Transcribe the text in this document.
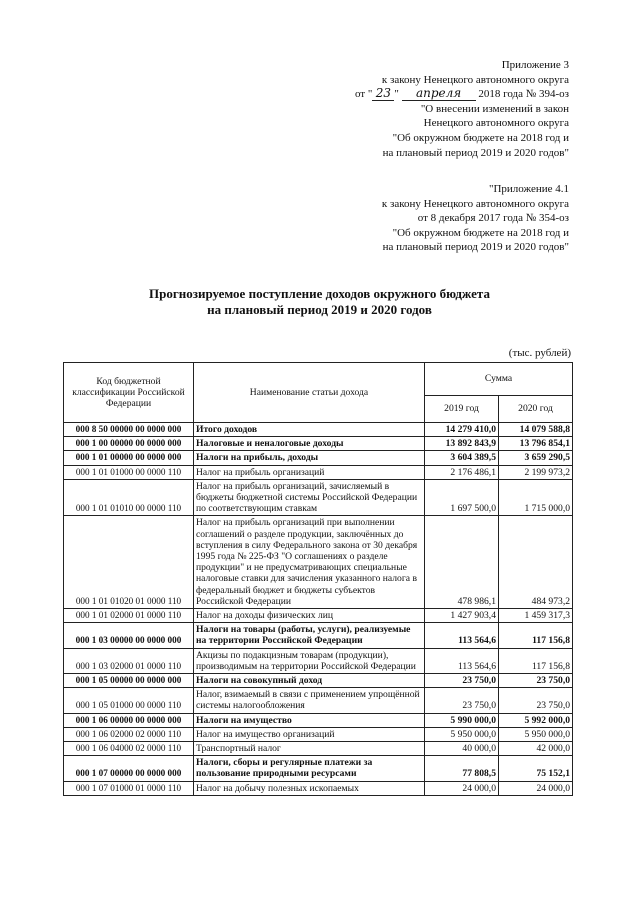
Приложение 3
к закону Ненецкого автономного округа
от " 23 " апреля 2018 года № 394-оз
"О внесении изменений в закон
Ненецкого автономного округа
"Об окружном бюджете на 2018 год и
на плановый период 2019 и 2020 годов"
"Приложение 4.1
к закону Ненецкого автономного округа
от 8 декабря 2017 года № 354-оз
"Об окружном бюджете на 2018 год и
на плановый период 2019 и 2020 годов"
Прогнозируемое поступление доходов окружного бюджета
на плановый период 2019 и 2020 годов
(тыс. рублей)
Код бюджетной классификации Российской Федерации	Наименование статьи дохода	Сумма	
		2019 год	2020 год
000 8 50 00000 00 0000 000	Итого доходов	14 279 410,0	14 079 588,8
000 1 00 00000 00 0000 000	Налоговые и неналоговые доходы	13 892 843,9	13 796 854,1
000 1 01 00000 00 0000 000	Налоги на прибыль, доходы	3 604 389,5	3 659 290,5
000 1 01 01000 00 0000 110	Налог на прибыль организаций	2 176 486,1	2 199 973,2
000 1 01 01010 00 0000 110	Налог на прибыль организаций, зачисляемый в бюджеты бюджетной системы Российской Федерации по соответствующим ставкам	1 697 500,0	1 715 000,0
000 1 01 01020 01 0000 110	Налог на прибыль организаций при выполнении соглашений о разделе продукции, заключённых до вступления в силу Федерального закона от 30 декабря 1995 года № 225-ФЗ "О соглашениях о разделе продукции" и не предусматривающих специальные налоговые ставки для зачисления указанного налога в федеральный бюджет и бюджеты субъектов Российской Федерации	478 986,1	484 973,2
000 1 01 02000 01 0000 110	Налог на доходы физических лиц	1 427 903,4	1 459 317,3
000 1 03 00000 00 0000 000	Налоги на товары (работы, услуги), реализуемые на территории Российской Федерации	113 564,6	117 156,8
000 1 03 02000 01 0000 110	Акцизы по подакцизным товарам (продукции), производимым на территории Российской Федерации	113 564,6	117 156,8
000 1 05 00000 00 0000 000	Налоги на совокупный доход	23 750,0	23 750,0
000 1 05 01000 00 0000 110	Налог, взимаемый в связи с применением упрощённой системы налогообложения	23 750,0	23 750,0
000 1 06 00000 00 0000 000	Налоги на имущество	5 990 000,0	5 992 000,0
000 1 06 02000 02 0000 110	Налог на имущество организаций	5 950 000,0	5 950 000,0
000 1 06 04000 02 0000 110	Транспортный налог	40 000,0	42 000,0
000 1 07 00000 00 0000 000	Налоги, сборы и регулярные платежи за пользование природными ресурсами	77 808,5	75 152,1
000 1 07 01000 01 0000 110	Налог на добычу полезных ископаемых	24 000,0	24 000,0
